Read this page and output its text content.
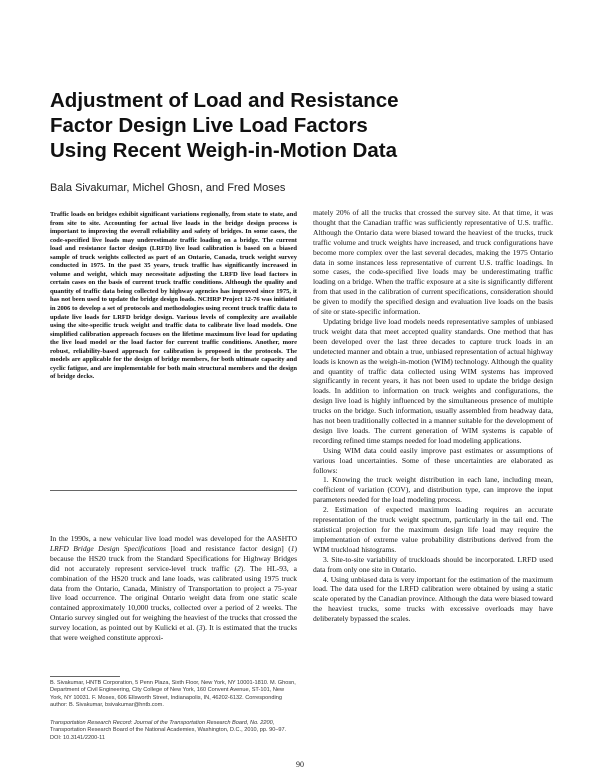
Adjustment of Load and Resistance
Factor Design Live Load Factors
Using Recent Weigh-in-Motion Data
Bala Sivakumar, Michel Ghosn, and Fred Moses

Traffic loads on bridges exhibit significant variations regionally, from state to state, and from site to site. Accounting for actual live loads in the bridge design process is important to improving the overall reliability and safety of bridges. In some cases, the code-specified live loads may underestimate traffic loading on a bridge. The current load and resistance factor design (LRFD) live load calibration is based on a biased sample of truck weights collected as part of an Ontario, Canada, truck weight survey conducted in 1975. In the past 35 years, truck traffic has significantly increased in volume and weight, which may necessitate adjusting the LRFD live load factors in certain cases on the basis of current truck traffic conditions. Although the quality and quantity of traffic data being collected by highway agencies has improved since 1975, it has not been used to update the bridge design loads. NCHRP Project 12-76 was initiated in 2006 to develop a set of protocols and methodologies using recent truck traffic data to update live loads for LRFD bridge design. Various levels of complexity are available using the site-specific truck weight and traffic data to calibrate live load models. One simplified calibration approach focuses on the lifetime maximum live load for updating the live load model or the load factor for current traffic conditions. Another, more robust, reliability-based approach for calibration is proposed in the protocols. The models are applicable for the design of bridge members, for both ultimate capacity and cyclic fatigue, and are implementable for both main structural members and the design of bridge decks.

In the 1990s, a new vehicular live load model was developed for the AASHTO LRFD Bridge Design Specifications [load and resistance factor design] (1) because the HS20 truck from the Standard Specifications for Highway Bridges did not accurately represent service-level truck traffic (2). The HL-93, a combination of the HS20 truck and lane loads, was calibrated using 1975 truck data from the Ontario, Canada, Ministry of Transportation to project a 75-year live load occurrence. The original Ontario weight data from one static scale contained approximately 10,000 trucks, collected over a period of 2 weeks. The Ontario survey singled out for weighing the heaviest of the trucks that crossed the survey location, as pointed out by Kulicki et al. (3). It is estimated that the trucks that were weighed constitute approxi-

B. Sivakumar, HNTB Corporation, 5 Penn Plaza, Sixth Floor, New York, NY 10001-1810. M. Ghosn, Department of Civil Engineering, City College of New York, 160 Convent Avenue, ST-101, New York, NY 10031. F. Moses, 606 Ellsworth Street, Indianapolis, IN, 46202-6132. Corresponding author: B. Sivakumar, bsivakumar@hntb.com.

Transportation Research Record: Journal of the Transportation Research Board, No. 2200, Transportation Research Board of the National Academies, Washington, D.C., 2010, pp. 90–97.
DOI: 10.3141/2200-11

mately 20% of all the trucks that crossed the survey site. At that time, it was thought that the Canadian traffic was sufficiently representative of U.S. traffic. Although the Ontario data were biased toward the heaviest of the trucks, truck traffic volume and truck weights have increased, and truck configurations have become more complex over the last several decades, making the 1975 Ontario data in some instances less representative of current U.S. traffic loadings. In some cases, the code-specified live loads may be underestimating traffic loading on a bridge. When the traffic exposure at a site is significantly different from that used in the calibration of current specifications, consideration should be given to modify the specified design and evaluation live loads on the basis of site or state-specific information.

Updating bridge live load models needs representative samples of unbiased truck weight data that meet accepted quality standards. One method that has been developed over the last three decades to capture truck loads in an undetected manner and obtain a true, unbiased representation of actual highway loads is known as the weigh-in-motion (WIM) technology. Although the quality and quantity of traffic data collected using WIM systems has improved significantly in recent years, it has not been used to update the bridge design loads. In addition to information on truck weights and configurations, the design live load is highly influenced by the simultaneous presence of multiple trucks on the bridge. Such information, usually assembled from headway data, has not been traditionally collected in a manner suitable for the development of design live loads. The current generation of WIM systems is capable of recording refined time stamps needed for load modeling applications.

Using WIM data could easily improve past estimates or assumptions of various load uncertainties. Some of these uncertainties are elaborated as follows:

1. Knowing the truck weight distribution in each lane, including mean, coefficient of variation (COV), and distribution type, can improve the input parameters needed for the load modeling process.

2. Estimation of expected maximum loading requires an accurate representation of the truck weight spectrum, particularly in the tail end. The statistical projection for the maximum design life load may require the implementation of extreme value probability distributions derived from the WIM truckload histograms.

3. Site-to-site variability of truckloads should be incorporated. LRFD used data from only one site in Ontario.

4. Using unbiased data is very important for the estimation of the maximum load. The data used for the LRFD calibration were obtained by using a static scale operated by the Canadian province. Although the data were biased toward the heaviest trucks, some trucks with excessive overloads may have deliberately bypassed the scales.

90
